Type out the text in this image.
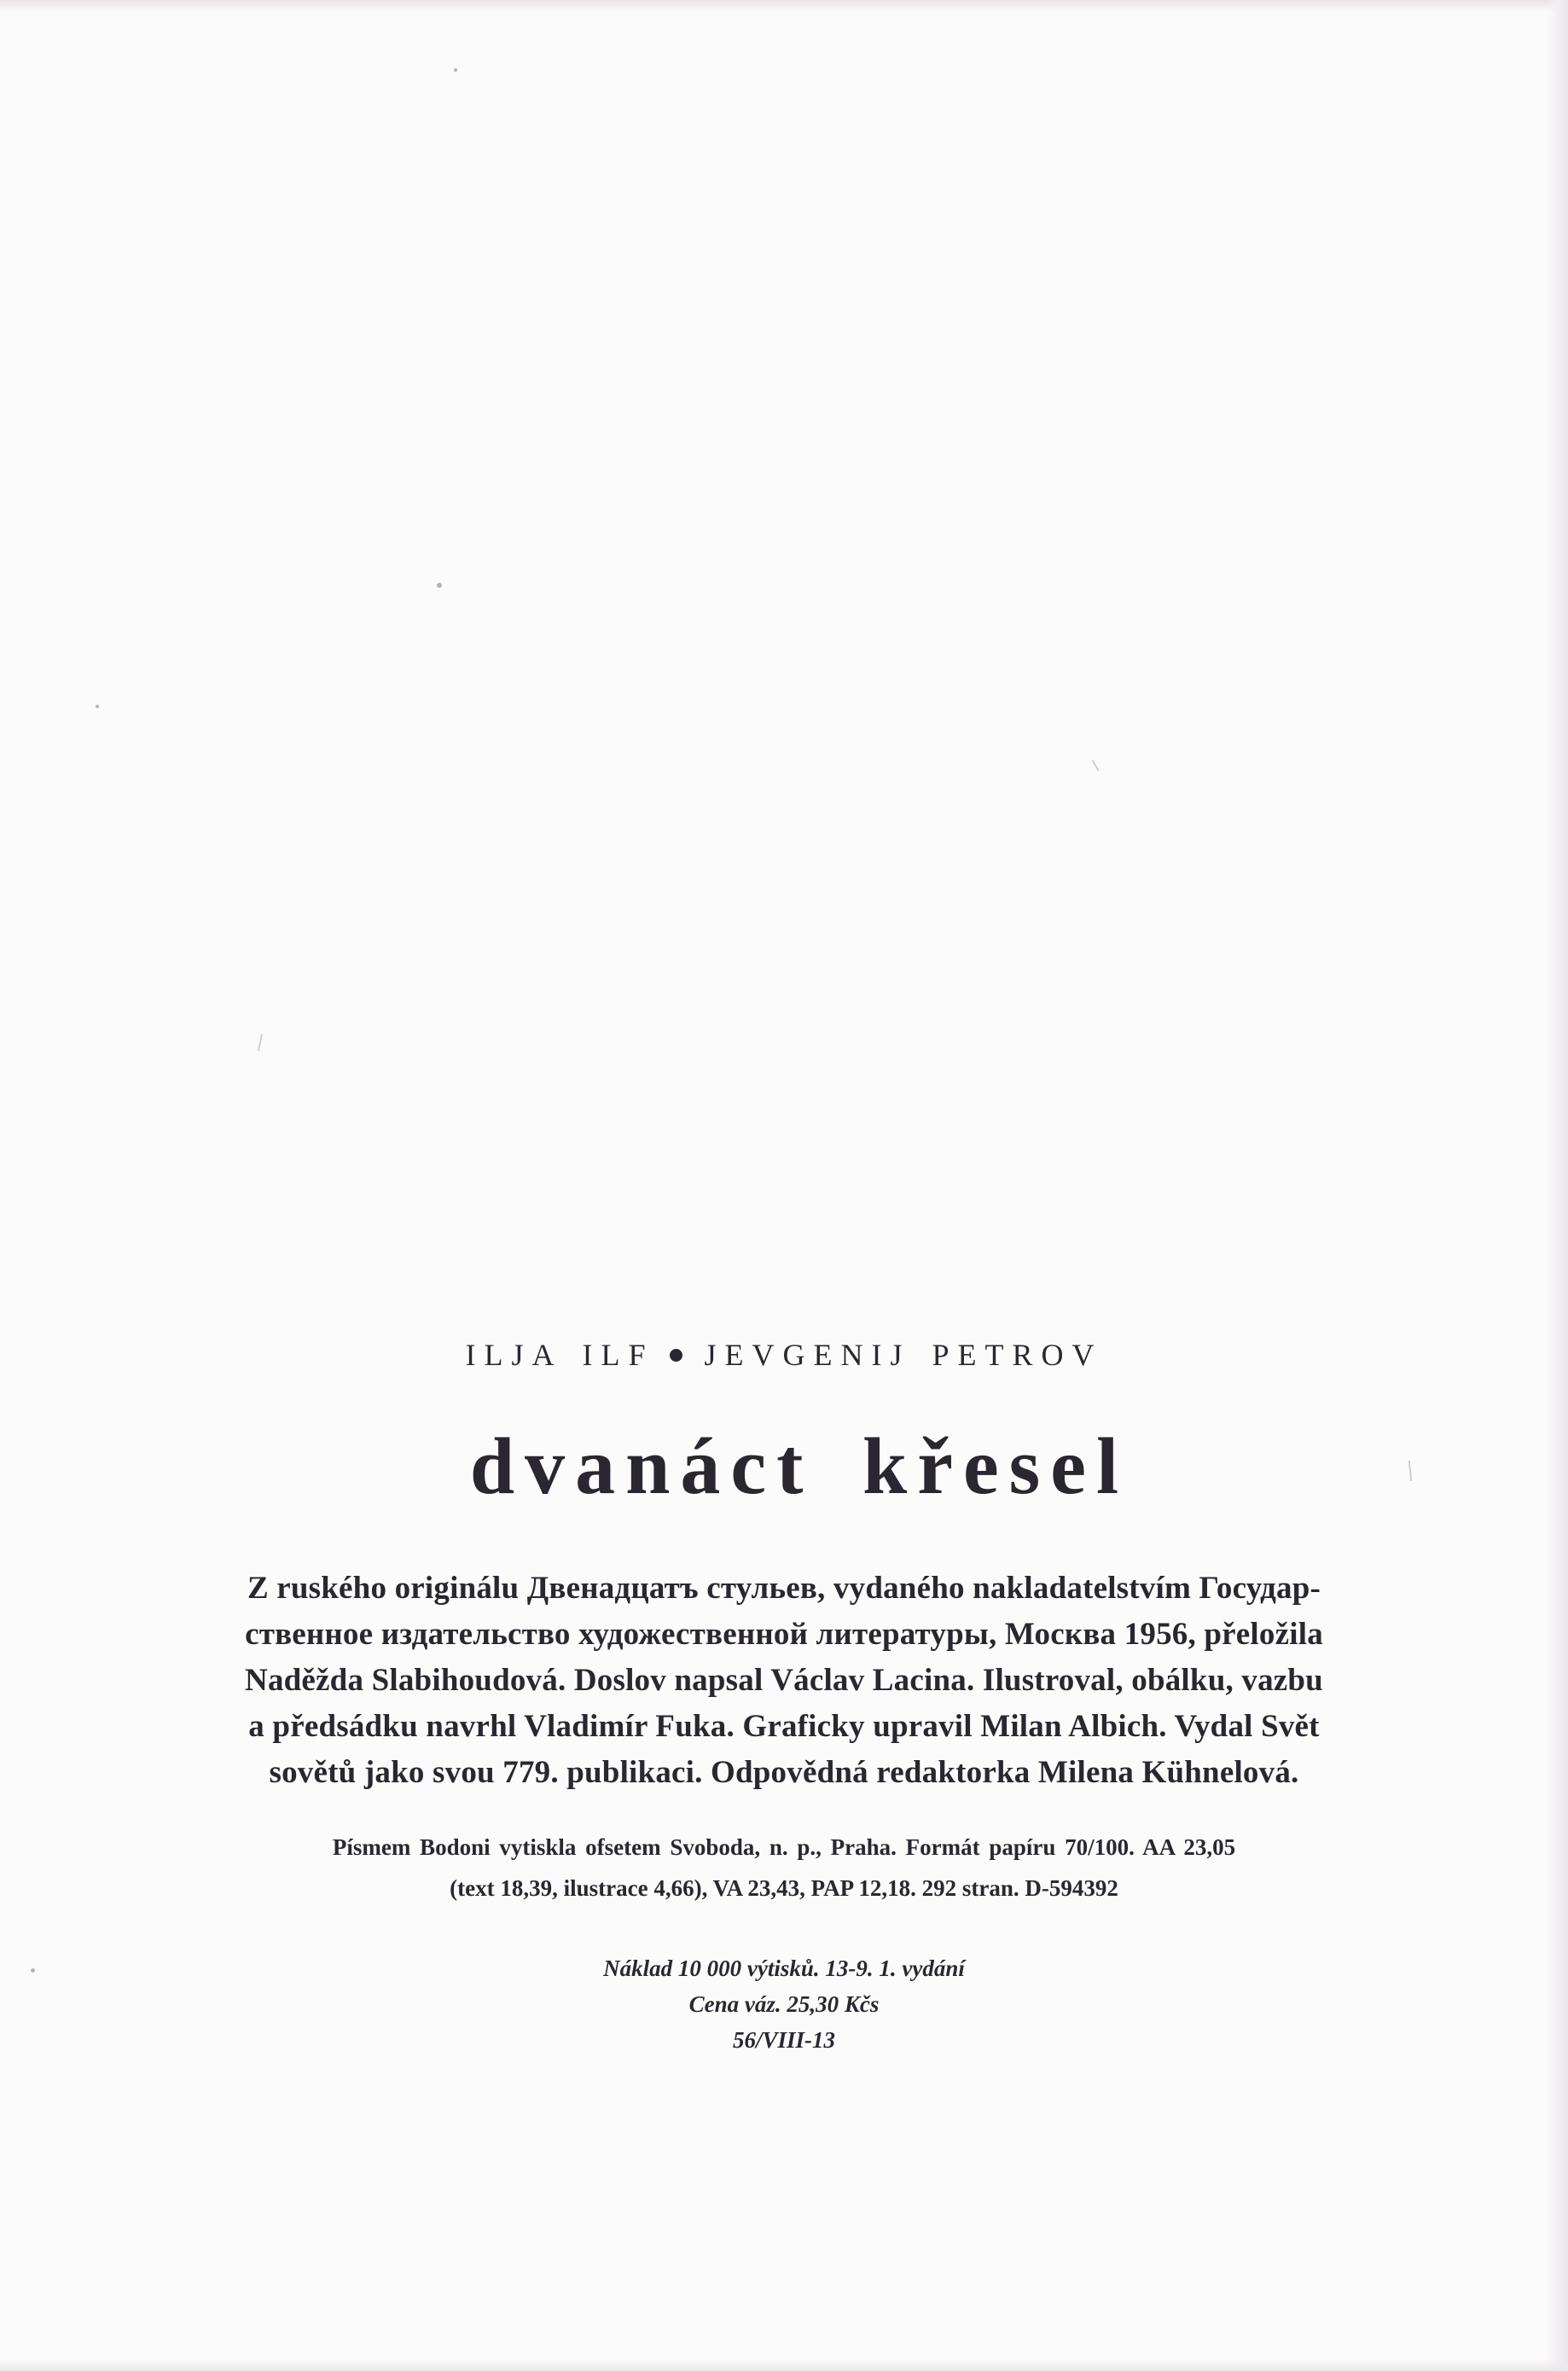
ILJA ILF JEVGENIJ PETROV
dvanáct křesel
Z ruského originálu Двенадцатъ стульев, vydaného nakladatelstvím Государ-
ственное издательство художественной литературы, Москва 1956, přeložila
Naděžda Slabihoudová. Doslov napsal Václav Lacina. Ilustroval, obálku, vazbu
a předsádku navrhl Vladimír Fuka. Graficky upravil Milan Albich. Vydal Svět
sovětů jako svou 779. publikaci. Odpovědná redaktorka Milena Kühnelová.
Písmem Bodoni vytiskla ofsetem Svoboda, n. p., Praha. Formát papíru 70/100. AA 23,05
(text 18,39, ilustrace 4,66), VA 23,43, PAP 12,18. 292 stran. D-594392
Náklad 10 000 výtisků. 13-9. 1. vydání
Cena váz. 25,30 Kčs
56/VIII-13
